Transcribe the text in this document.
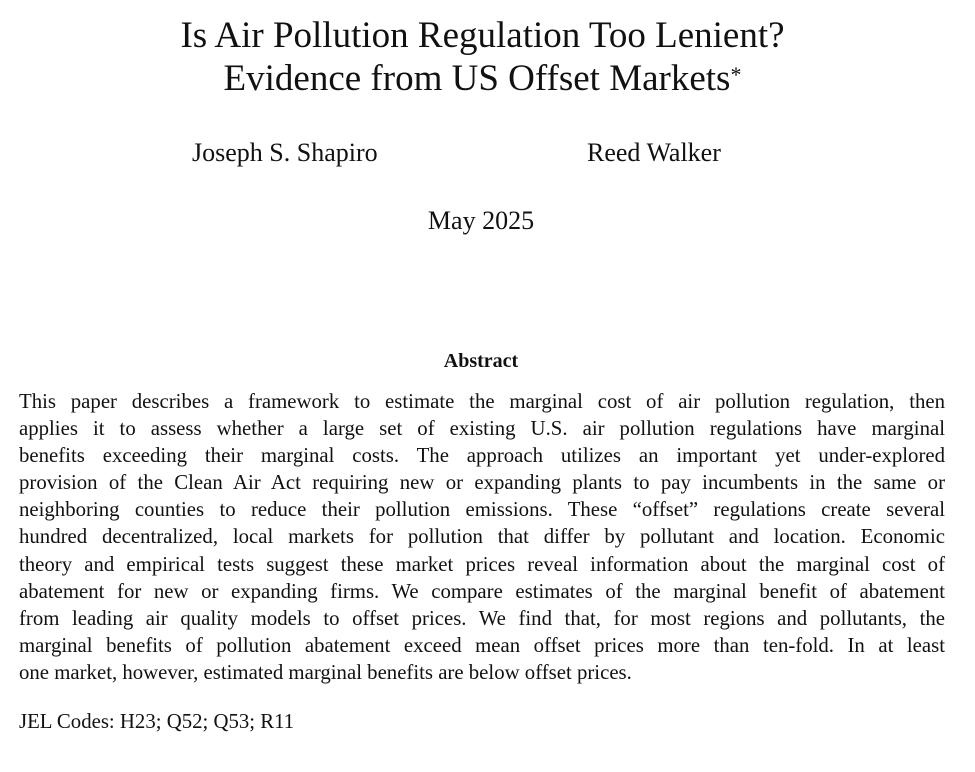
Is Air Pollution Regulation Too Lenient?
Evidence from US Offset Markets*
Joseph S. Shapiro	Reed Walker
May 2025
Abstract
This paper describes a framework to estimate the marginal cost of air pollution regulation, then
applies it to assess whether a large set of existing U.S. air pollution regulations have marginal
benefits exceeding their marginal costs. The approach utilizes an important yet under-explored
provision of the Clean Air Act requiring new or expanding plants to pay incumbents in the same or
neighboring counties to reduce their pollution emissions. These “offset” regulations create several
hundred decentralized, local markets for pollution that differ by pollutant and location. Economic
theory and empirical tests suggest these market prices reveal information about the marginal cost of
abatement for new or expanding firms. We compare estimates of the marginal benefit of abatement
from leading air quality models to offset prices. We find that, for most regions and pollutants, the
marginal benefits of pollution abatement exceed mean offset prices more than ten-fold. In at least
one market, however, estimated marginal benefits are below offset prices.
JEL Codes: H23; Q52; Q53; R11
